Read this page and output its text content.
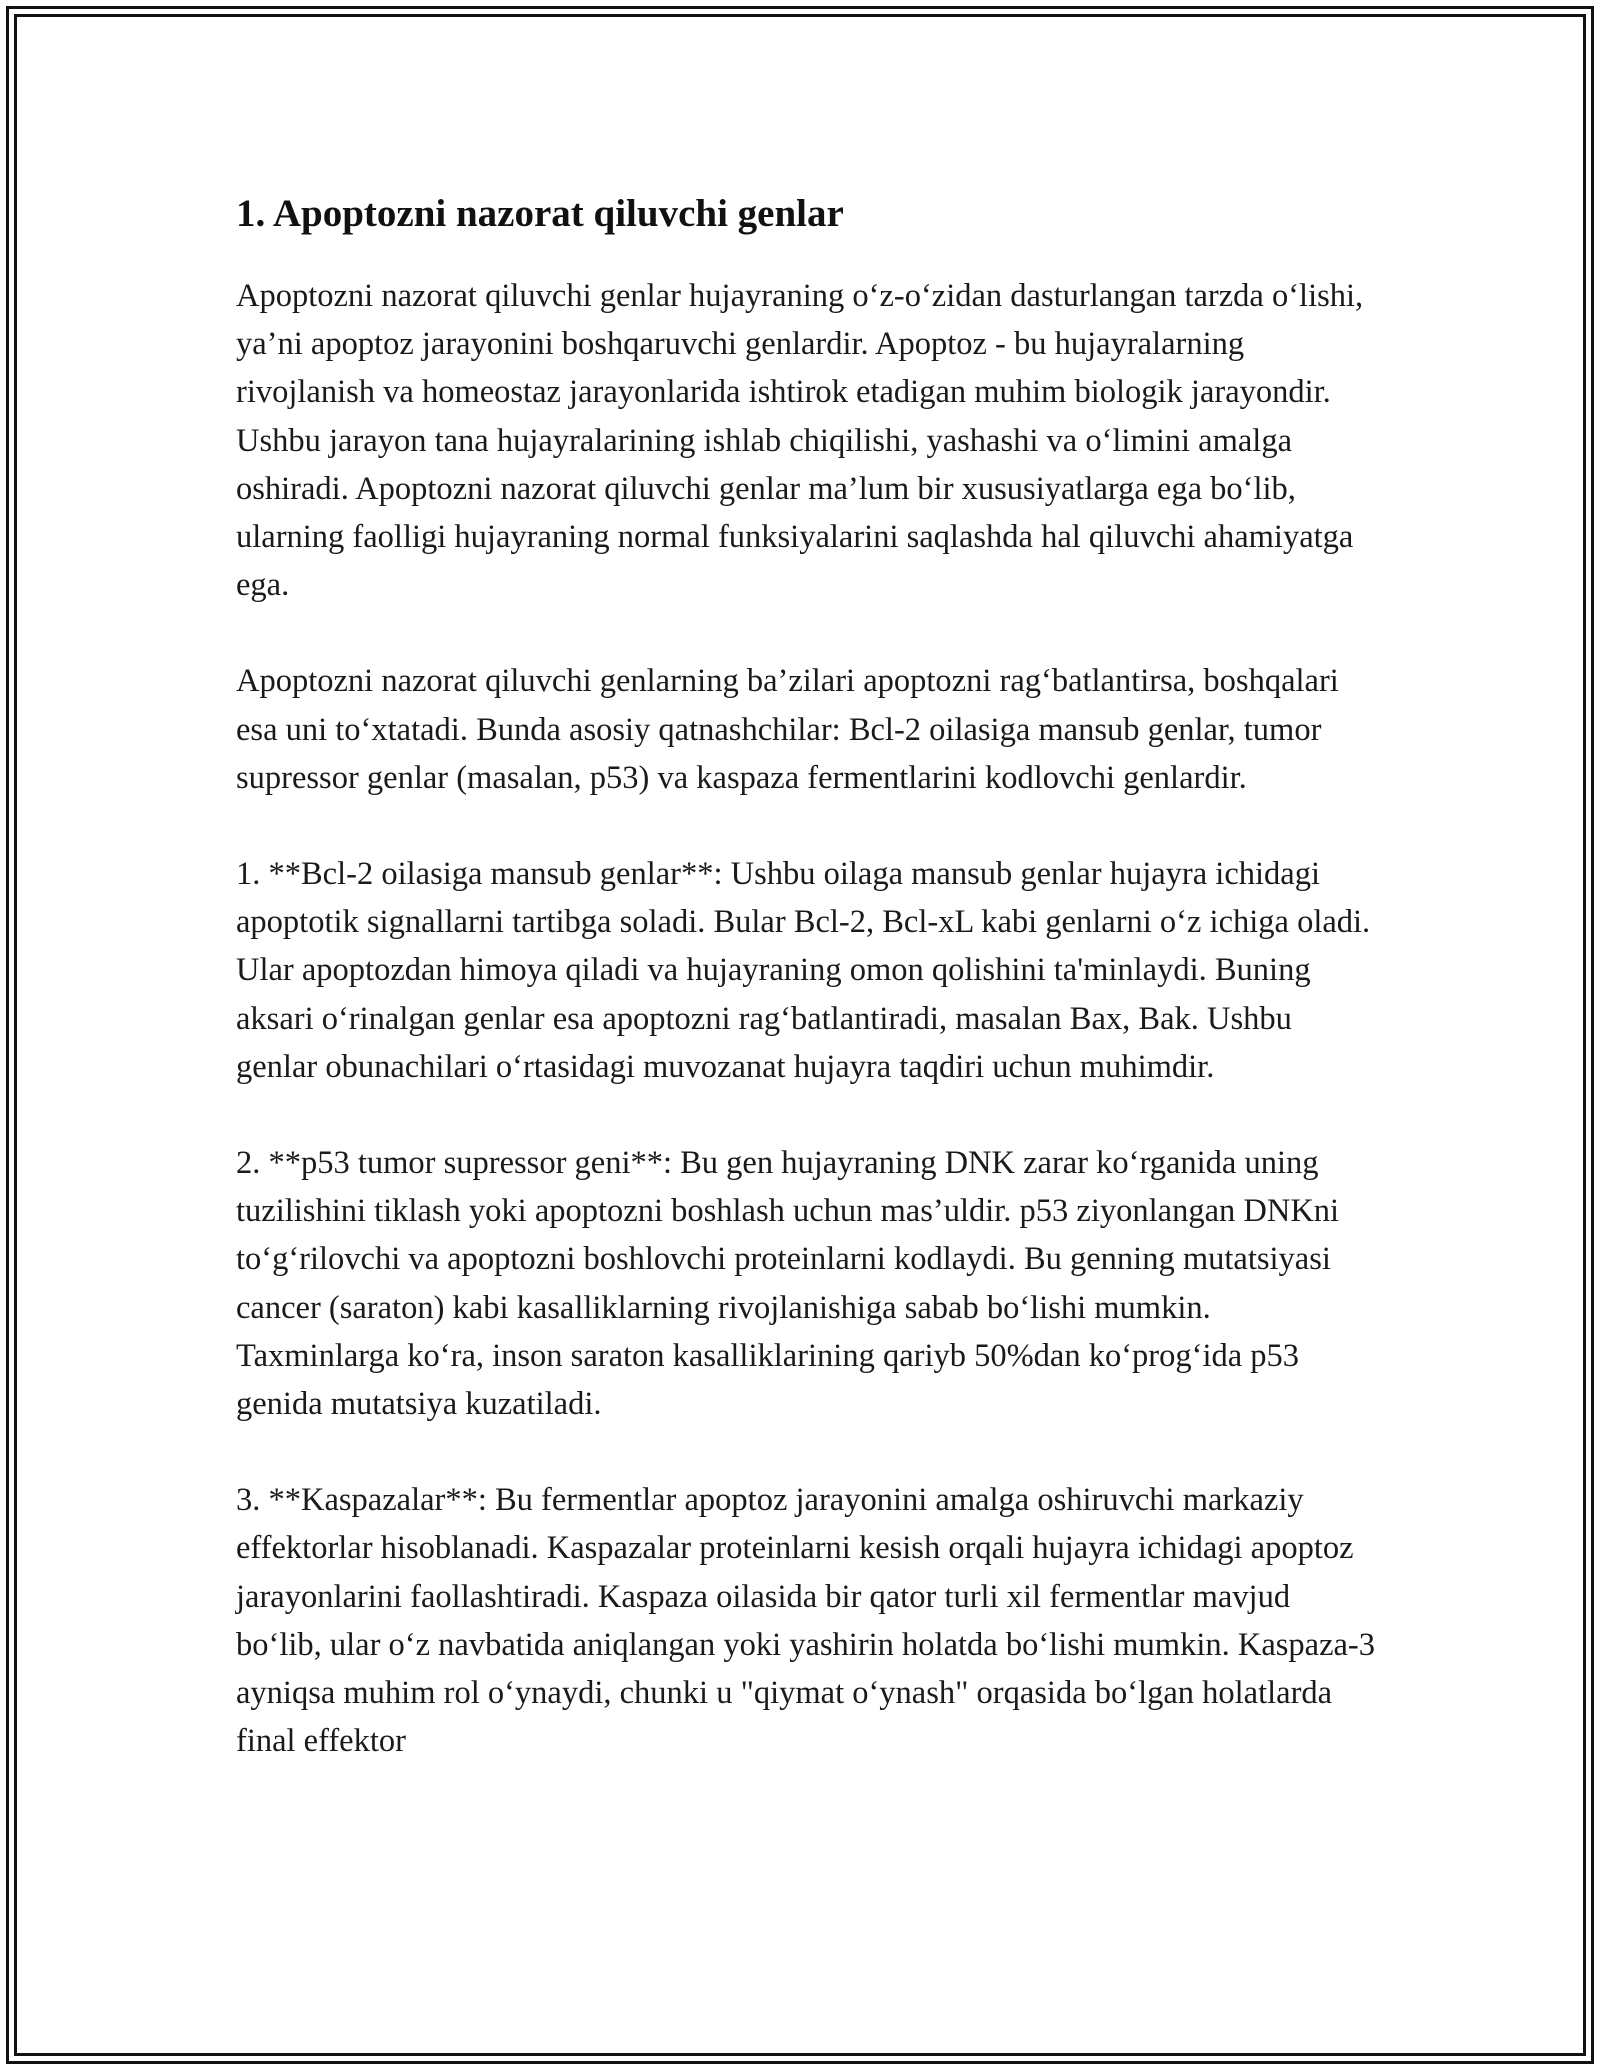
1. Apoptozni nazorat qiluvchi genlar

Apoptozni nazorat qiluvchi genlar hujayraning o‘z-o‘zidan dasturlangan tarzda o‘lishi, ya’ni apoptoz jarayonini boshqaruvchi genlardir. Apoptoz - bu hujayralarning rivojlanish va homeostaz jarayonlarida ishtirok etadigan muhim biologik jarayondir. Ushbu jarayon tana hujayralarining ishlab chiqilishi, yashashi va o‘limini amalga oshiradi. Apoptozni nazorat qiluvchi genlar ma’lum bir xususiyatlarga ega bo‘lib, ularning faolligi hujayraning normal funksiyalarini saqlashda hal qiluvchi ahamiyatga ega.

Apoptozni nazorat qiluvchi genlarning ba’zilari apoptozni rag‘batlantirsa, boshqalari esa uni to‘xtatadi. Bunda asosiy qatnashchilar: Bcl-2 oilasiga mansub genlar, tumor supressor genlar (masalan, p53) va kaspaza fermentlarini kodlovchi genlardir.

1. **Bcl-2 oilasiga mansub genlar**: Ushbu oilaga mansub genlar hujayra ichidagi apoptotik signallarni tartibga soladi. Bular Bcl-2, Bcl-xL kabi genlarni o‘z ichiga oladi. Ular apoptozdan himoya qiladi va hujayraning omon qolishini ta'minlaydi. Buning aksari o‘rinalgan genlar esa apoptozni rag‘batlantiradi, masalan Bax, Bak. Ushbu genlar obunachilari o‘rtasidagi muvozanat hujayra taqdiri uchun muhimdir.

2. **p53 tumor supressor geni**: Bu gen hujayraning DNK zarar ko‘rganida uning tuzilishini tiklash yoki apoptozni boshlash uchun mas’uldir. p53 ziyonlangan DNKni to‘g‘rilovchi va apoptozni boshlovchi proteinlarni kodlaydi. Bu genning mutatsiyasi cancer (saraton) kabi kasalliklarning rivojlanishiga sabab bo‘lishi mumkin. Taxminlarga ko‘ra, inson saraton kasalliklarining qariyb 50%dan ko‘prog‘ida p53 genida mutatsiya kuzatiladi.

3. **Kaspazalar**: Bu fermentlar apoptoz jarayonini amalga oshiruvchi markaziy effektorlar hisoblanadi. Kaspazalar proteinlarni kesish orqali hujayra ichidagi apoptoz jarayonlarini faollashtiradi. Kaspaza oilasida bir qator turli xil fermentlar mavjud bo‘lib, ular o‘z navbatida aniqlangan yoki yashirin holatda bo‘lishi mumkin. Kaspaza-3 ayniqsa muhim rol o‘ynaydi, chunki u "qiymat o‘ynash" orqasida bo‘lgan holatlarda final effektor
